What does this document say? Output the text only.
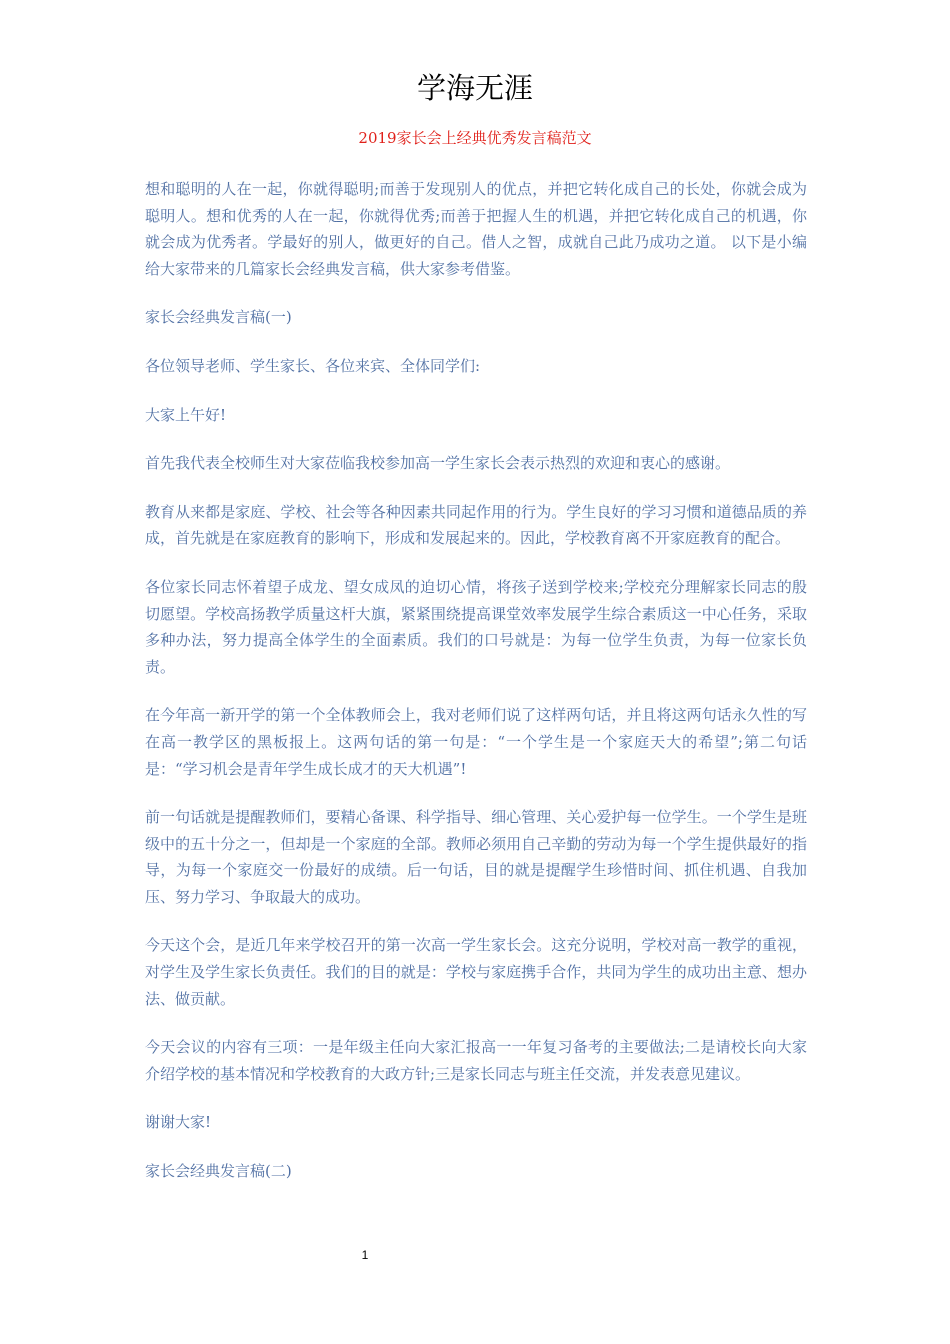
学海无涯
2019家长会上经典优秀发言稿范文

想和聪明的人在一起，你就得聪明;而善于发现别人的优点，并把它转化成自己的长处，你就会成为聪明人。想和优秀的人在一起，你就得优秀;而善于把握人生的机遇，并把它转化成自己的机遇，你就会成为优秀者。学最好的别人，做更好的自己。借人之智，成就自己此乃成功之道。 以下是小编给大家带来的几篇家长会经典发言稿，供大家参考借鉴。

家长会经典发言稿(一)

各位领导老师、学生家长、各位来宾、全体同学们:

大家上午好!

首先我代表全校师生对大家莅临我校参加高一学生家长会表示热烈的欢迎和衷心的感谢。

教育从来都是家庭、学校、社会等各种因素共同起作用的行为。学生良好的学习习惯和道德品质的养成，首先就是在家庭教育的影响下，形成和发展起来的。因此，学校教育离不开家庭教育的配合。

各位家长同志怀着望子成龙、望女成凤的迫切心情，将孩子送到学校来;学校充分理解家长同志的殷切愿望。学校高扬教学质量这杆大旗，紧紧围绕提高课堂效率发展学生综合素质这一中心任务，采取多种办法，努力提高全体学生的全面素质。我们的口号就是：为每一位学生负责，为每一位家长负责。

在今年高一新开学的第一个全体教师会上，我对老师们说了这样两句话，并且将这两句话永久性的写在高一教学区的黑板报上。这两句话的第一句是：“一个学生是一个家庭天大的希望”;第二句话是：“学习机会是青年学生成长成才的天大机遇”!

前一句话就是提醒教师们，要精心备课、科学指导、细心管理、关心爱护每一位学生。一个学生是班级中的五十分之一，但却是一个家庭的全部。教师必须用自己辛勤的劳动为每一个学生提供最好的指导，为每一个家庭交一份最好的成绩。后一句话，目的就是提醒学生珍惜时间、抓住机遇、自我加压、努力学习、争取最大的成功。

今天这个会，是近几年来学校召开的第一次高一学生家长会。这充分说明，学校对高一教学的重视，对学生及学生家长负责任。我们的目的就是：学校与家庭携手合作，共同为学生的成功出主意、想办法、做贡献。

今天会议的内容有三项：一是年级主任向大家汇报高一一年复习备考的主要做法;二是请校长向大家介绍学校的基本情况和学校教育的大政方针;三是家长同志与班主任交流，并发表意见建议。

谢谢大家!

家长会经典发言稿(二)

1
